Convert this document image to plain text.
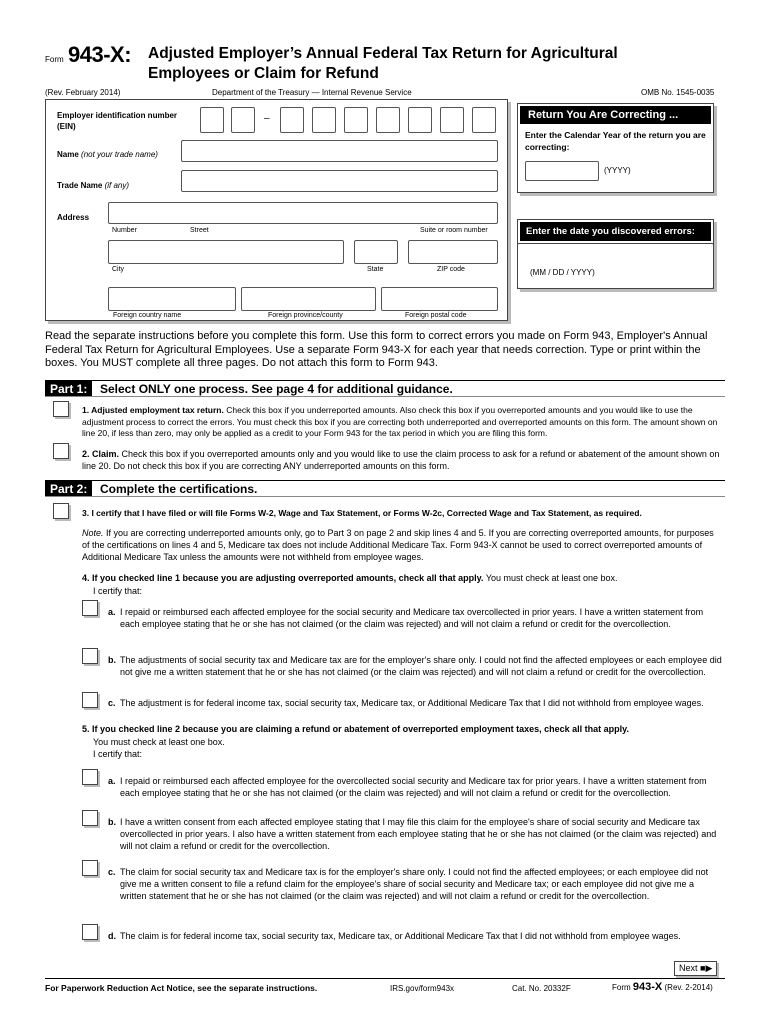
Form 943-X: Adjusted Employer’s Annual Federal Tax Return for Agricultural
Employees or Claim for Refund
(Rev. February 2014)	Department of the Treasury — Internal Revenue Service	OMB No. 1545-0035
Employer identification number
(EIN)
–
Name (not your trade name)
Trade Name (if any)
Address
Number	Street	Suite or room number
City	State	ZIP code
Foreign country name	Foreign province/county	Foreign postal code
Return You Are Correcting ...
Enter the Calendar Year of the return you are correcting:
(YYYY)
Enter the date you discovered errors:
(MM / DD / YYYY)
Read the separate instructions before you complete this form. Use this form to correct errors you made on Form 943, Employer's Annual Federal Tax Return for Agricultural Employees. Use a separate Form 943-X for each year that needs correction. Type or print within the boxes. You MUST complete all three pages. Do not attach this form to Form 943.
Part 1:	Select ONLY one process. See page 4 for additional guidance.
1. Adjusted employment tax return. Check this box if you underreported amounts. Also check this box if you overreported amounts and you would like to use the adjustment process to correct the errors. You must check this box if you are correcting both underreported and overreported amounts on this form. The amount shown on line 20, if less than zero, may only be applied as a credit to your Form 943 for the tax period in which you are filing this form.
2. Claim. Check this box if you overreported amounts only and you would like to use the claim process to ask for a refund or abatement of the amount shown on line 20. Do not check this box if you are correcting ANY underreported amounts on this form.
Part 2:	Complete the certifications.
3. I certify that I have filed or will file Forms W-2, Wage and Tax Statement, or Forms W-2c, Corrected Wage and Tax Statement, as required.
Note. If you are correcting underreported amounts only, go to Part 3 on page 2 and skip lines 4 and 5. If you are correcting overreported amounts, for purposes of the certifications on lines 4 and 5, Medicare tax does not include Additional Medicare Tax. Form 943-X cannot be used to correct overreported amounts of Additional Medicare Tax unless the amounts were not withheld from employee wages.
4. If you checked line 1 because you are adjusting overreported amounts, check all that apply. You must check at least one box.
I certify that:
a. I repaid or reimbursed each affected employee for the social security and Medicare tax overcollected in prior years. I have a written statement from each employee stating that he or she has not claimed (or the claim was rejected) and will not claim a refund or credit for the overcollection.
b. The adjustments of social security tax and Medicare tax are for the employer's share only. I could not find the affected employees or each employee did not give me a written statement that he or she has not claimed (or the claim was rejected) and will not claim a refund or credit for the overcollection.
c. The adjustment is for federal income tax, social security tax, Medicare tax, or Additional Medicare Tax that I did not withhold from employee wages.
5. If you checked line 2 because you are claiming a refund or abatement of overreported employment taxes, check all that apply.
You must check at least one box.
I certify that:
a. I repaid or reimbursed each affected employee for the overcollected social security and Medicare tax for prior years. I have a written statement from each employee stating that he or she has not claimed (or the claim was rejected) and will not claim a refund or credit for the overcollection.
b. I have a written consent from each affected employee stating that I may file this claim for the employee's share of social security and Medicare tax overcollected in prior years. I also have a written statement from each employee stating that he or she has not claimed (or the claim was rejected) and will not claim a refund or credit for the overcollection.
c. The claim for social security tax and Medicare tax is for the employer's share only. I could not find the affected employees; or each employee did not give me a written consent to file a refund claim for the employee's share of social security and Medicare tax; or each employee did not give me a written statement that he or she has not claimed (or the claim was rejected) and will not claim a refund or credit for the overcollection.
d. The claim is for federal income tax, social security tax, Medicare tax, or Additional Medicare Tax that I did not withhold from employee wages.
Next ■▶
For Paperwork Reduction Act Notice, see the separate instructions.	IRS.gov/form943x	Cat. No. 20332F	Form 943-X (Rev. 2-2014)
